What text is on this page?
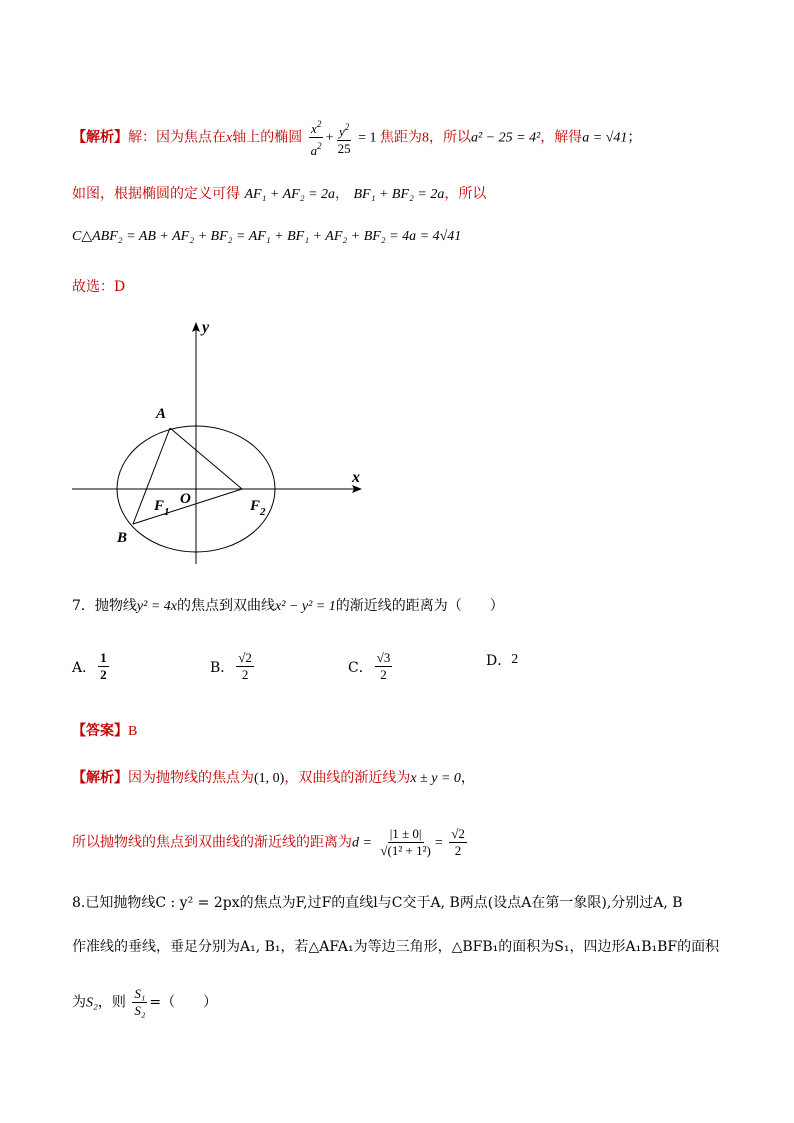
【解析】解：因为焦点在x轴上的椭圆 $\frac{x^2}{a^2} + \frac{y^2}{25} = 1$ 焦距为8，所以a² − 25 = 4²，解得a = √41；
如图，根据椭圆的定义可得 AF₁ + AF₂ = 2a， BF₁ + BF₂ = 2a，所以
C△ABF₂ = AB + AF₂ + BF₂ = AF₁ + BF₁ + AF₂ + BF₂ = 4a = 4√41
故选：D
y
x
A
O
$F_1$	$F_2$
B
7．抛物线y² = 4x的焦点到双曲线x² − y² = 1的渐近线的距离为（　　）
A． $\frac{1}{2}$	B． $\frac{√2}{2}$	C． $\frac{√3}{2}$	D． 2
【答案】B
【解析】因为抛物线的焦点为(1, 0)，双曲线的渐近线为x ± y = 0，
所以抛物线的焦点到双曲线的渐近线的距离为$d = \frac{|1 \pm 0|}{\text{√(1² + 1²)}} = \frac{√2}{2}$
8.已知抛物线C : y² = 2px的焦点为F,过F的直线l与C交于A, B两点(设点A在第一象限),分别过A, B
作准线的垂线，垂足分别为A₁, B₁，若△AFA₁为等边三角形，△BFB₁的面积为S₁，四边形A₁B₁BF的面积
为S₂，则 $\frac{\text{S₁}}{\text{S₂}}$ =（　　）
